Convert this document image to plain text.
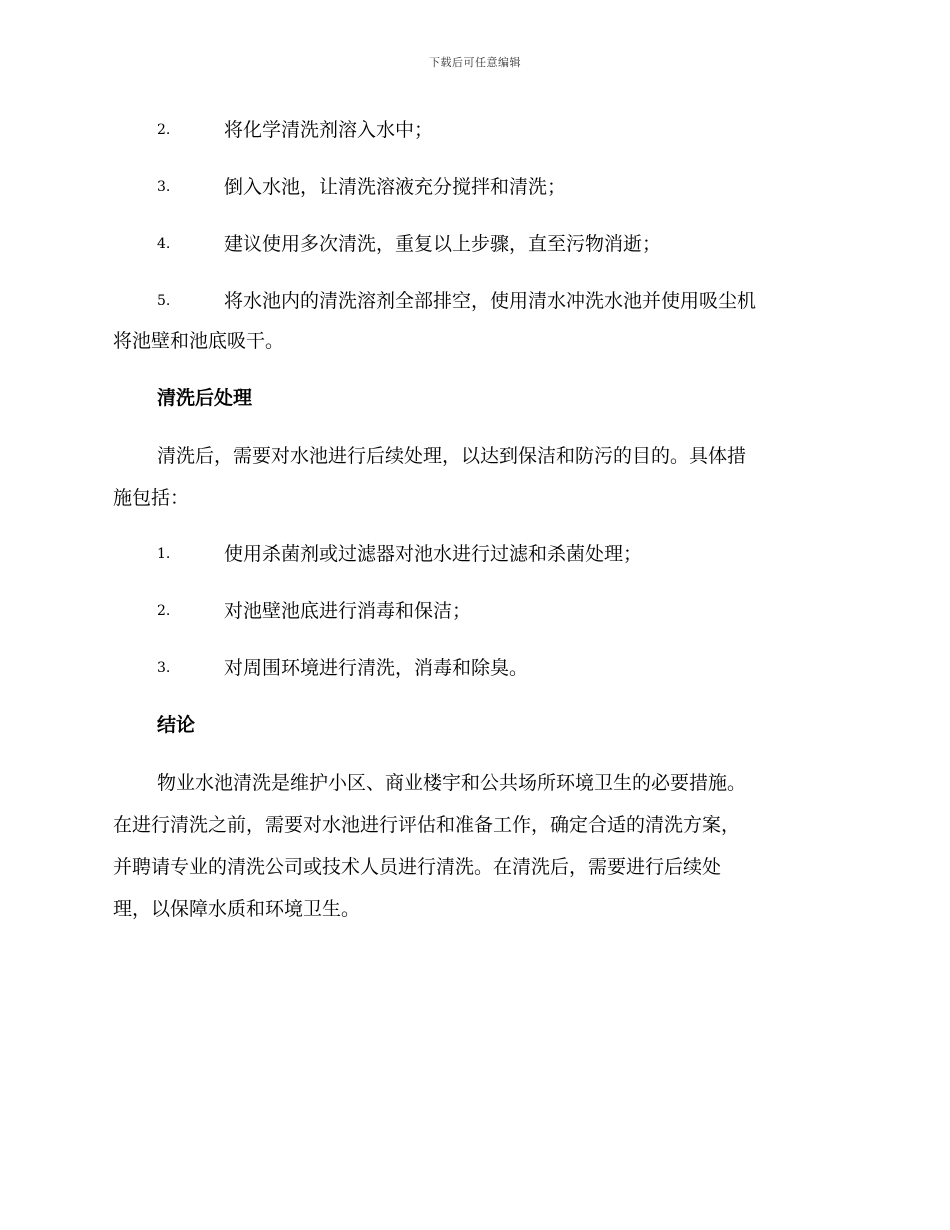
下载后可任意编辑
2.	将化学清洗剂溶入水中；
3.	倒入水池，让清洗溶液充分搅拌和清洗；
4.	建议使用多次清洗，重复以上步骤，直至污物消逝；
5.	将水池内的清洗溶剂全部排空，使用清水冲洗水池并使用吸尘机
将池壁和池底吸干。
清洗后处理
清洗后，需要对水池进行后续处理，以达到保洁和防污的目的。具体措
施包括：
1.	使用杀菌剂或过滤器对池水进行过滤和杀菌处理；
2.	对池壁池底进行消毒和保洁；
3.	对周围环境进行清洗，消毒和除臭。
结论
物业水池清洗是维护小区、商业楼宇和公共场所环境卫生的必要措施。
在进行清洗之前，需要对水池进行评估和准备工作，确定合适的清洗方案，
并聘请专业的清洗公司或技术人员进行清洗。在清洗后，需要进行后续处
理，以保障水质和环境卫生。
